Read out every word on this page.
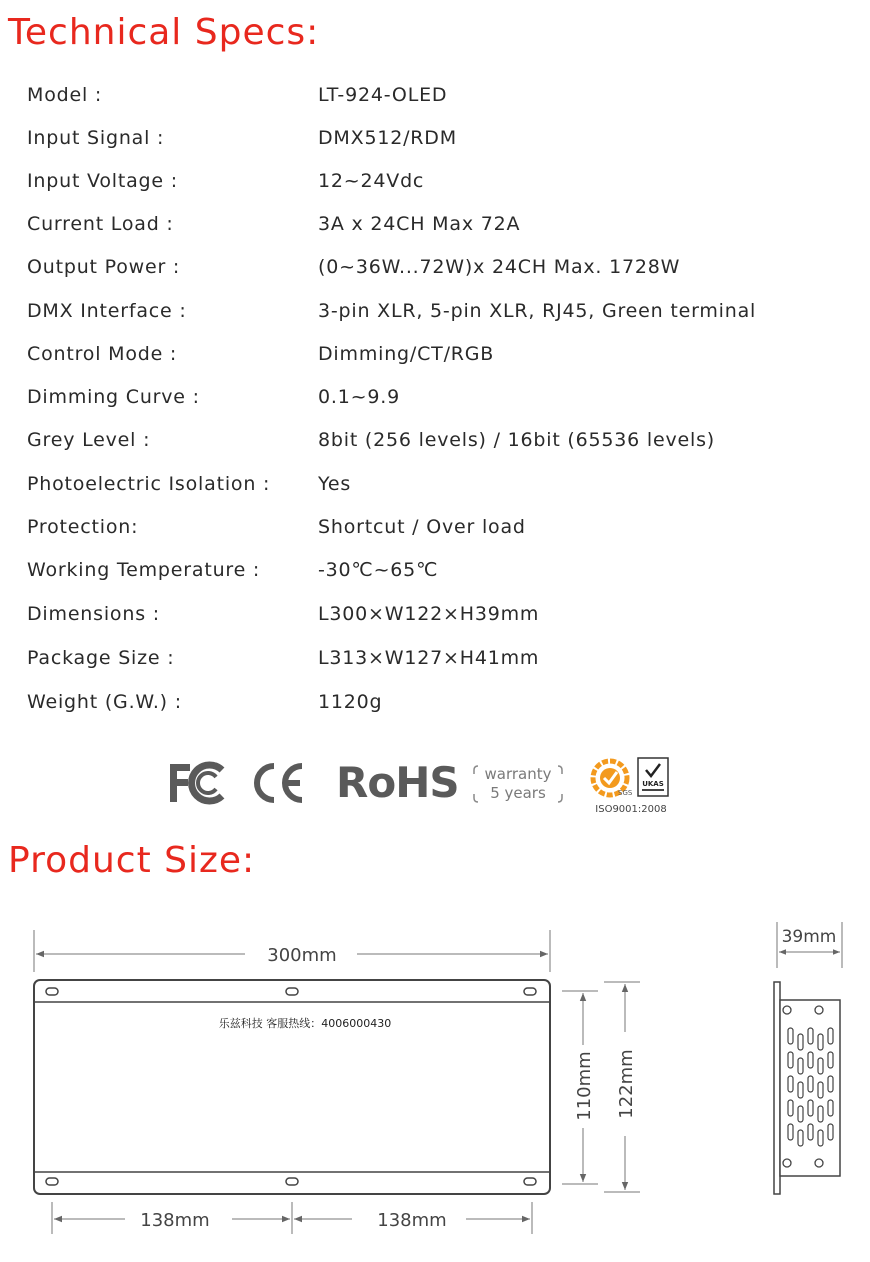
Technical Specs:
Model :	LT-924-OLED
Input Signal :	DMX512/RDM
Input Voltage :	12~24Vdc
Current Load :	3A x 24CH Max 72A
Output Power :	(0~36W...72W)x 24CH Max. 1728W
DMX Interface :	3-pin XLR, 5-pin XLR, RJ45, Green terminal
Control Mode :	Dimming/CT/RGB
Dimming Curve :	0.1~9.9
Grey Level :	8bit (256 levels) / 16bit (65536 levels)
Photoelectric Isolation :	Yes
Protection:	Shortcut / Over load
Working Temperature :	-30℃~65℃
Dimensions :	L300×W122×H39mm
Package Size :	L313×W127×H41mm
Weight (G.W.) :	1120g
FC	CE RoHS warranty
5 years	SGS
UKAS
ISO9001:2008
Product Size:
300mm
乐兹科技 客服热线：4006000430
110mm 122mm
138mm	138mm
39mm
